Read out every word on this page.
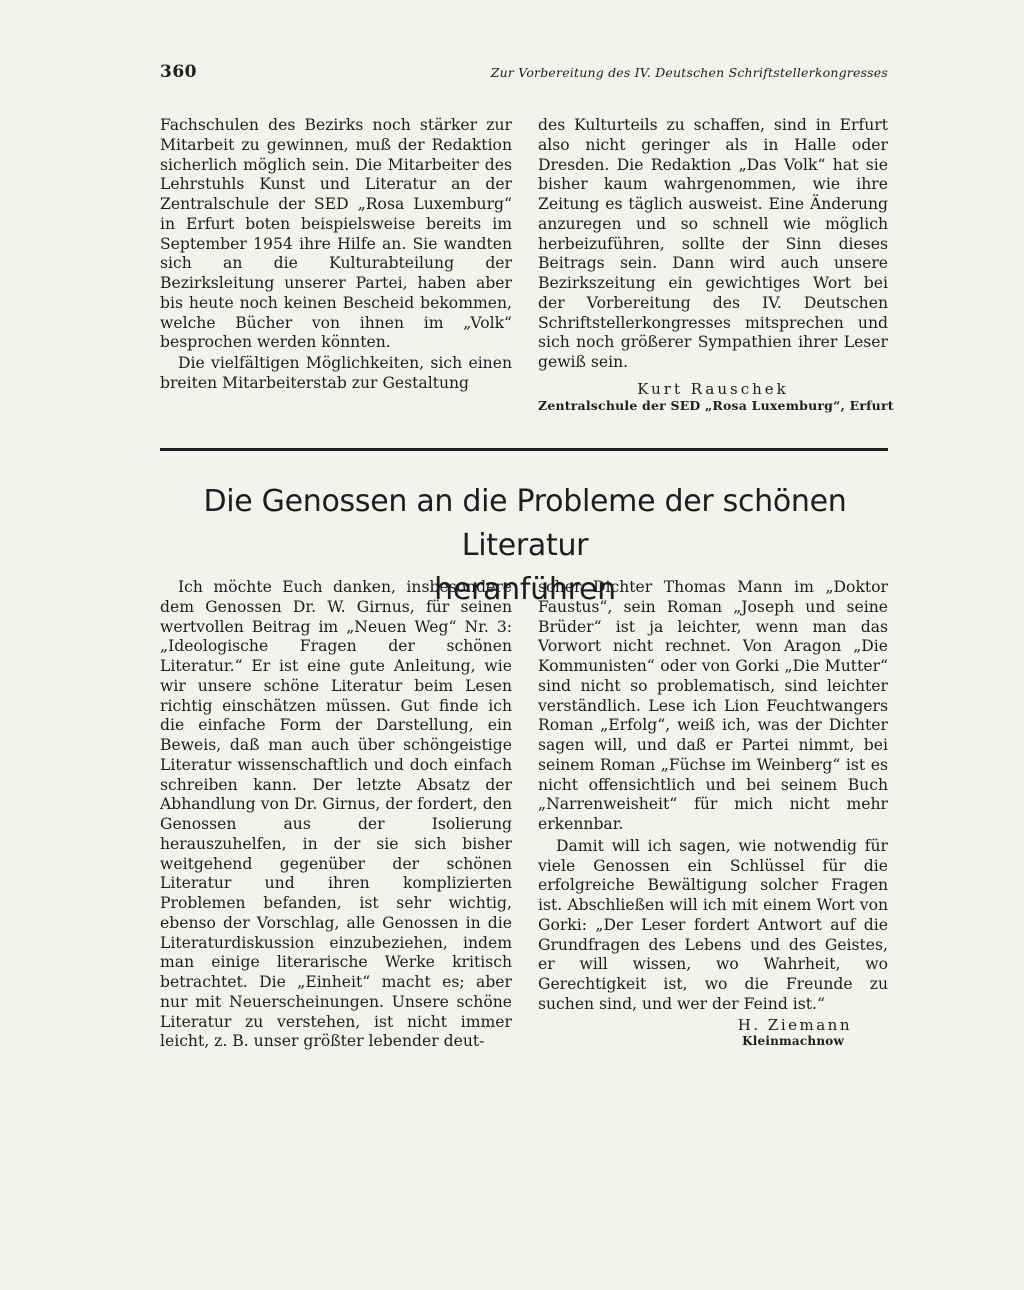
360	Zur Vorbereitung des IV. Deutschen Schriftstellerkongresses

Fachschulen des Bezirks noch stärker zur Mitarbeit zu gewinnen, muß der Redaktion sicherlich möglich sein. Die Mitarbeiter des Lehrstuhls Kunst und Literatur an der Zentralschule der SED „Rosa Luxemburg“ in Erfurt boten beispielsweise bereits im September 1954 ihre Hilfe an. Sie wandten sich an die Kulturabteilung der Bezirksleitung unserer Partei, haben aber bis heute noch keinen Bescheid bekommen, welche Bücher von ihnen im „Volk“ besprochen werden könnten.

Die vielfältigen Möglichkeiten, sich einen breiten Mitarbeiterstab zur Gestaltung

des Kulturteils zu schaffen, sind in Erfurt also nicht geringer als in Halle oder Dresden. Die Redaktion „Das Volk“ hat sie bisher kaum wahrgenommen, wie ihre Zeitung es täglich ausweist. Eine Änderung anzuregen und so schnell wie möglich herbeizuführen, sollte der Sinn dieses Beitrags sein. Dann wird auch unsere Bezirkszeitung ein gewichtiges Wort bei der Vorbereitung des IV. Deutschen Schriftstellerkongresses mitsprechen und sich noch größerer Sympathien ihrer Leser gewiß sein.

Kurt Rauschek
Zentralschule der SED „Rosa Luxemburg“, Erfurt
Die Genossen an die Probleme der schönen Literatur
heranführen

Ich möchte Euch danken, insbesondere dem Genossen Dr. W. Girnus, für seinen wertvollen Beitrag im „Neuen Weg“ Nr. 3: „Ideologische Fragen der schönen Literatur.“ Er ist eine gute Anleitung, wie wir unsere schöne Literatur beim Lesen richtig einschätzen müssen. Gut finde ich die einfache Form der Darstellung, ein Beweis, daß man auch über schöngeistige Literatur wissenschaftlich und doch einfach schreiben kann. Der letzte Absatz der Abhandlung von Dr. Girnus, der fordert, den Genossen aus der Isolierung herauszuhelfen, in der sie sich bisher weitgehend gegenüber der schönen Literatur und ihren komplizierten Problemen befanden, ist sehr wichtig, ebenso der Vorschlag, alle Genossen in die Literaturdiskussion einzubeziehen, indem man einige literarische Werke kritisch betrachtet. Die „Einheit“ macht es; aber nur mit Neuerscheinungen. Unsere schöne Literatur zu verstehen, ist nicht immer leicht, z. B. unser größter lebender deut-

scher Dichter Thomas Mann im „Doktor Faustus“, sein Roman „Joseph und seine Brüder“ ist ja leichter, wenn man das Vorwort nicht rechnet. Von Aragon „Die Kommunisten“ oder von Gorki „Die Mutter“ sind nicht so problematisch, sind leichter verständlich. Lese ich Lion Feuchtwangers Roman „Erfolg“, weiß ich, was der Dichter sagen will, und daß er Partei nimmt, bei seinem Roman „Füchse im Weinberg“ ist es nicht offensichtlich und bei seinem Buch „Narrenweisheit“ für mich nicht mehr erkennbar.

Damit will ich sagen, wie notwendig für viele Genossen ein Schlüssel für die erfolgreiche Bewältigung solcher Fragen ist. Abschließen will ich mit einem Wort von Gorki: „Der Leser fordert Antwort auf die Grundfragen des Lebens und des Geistes, er will wissen, wo Wahrheit, wo Gerechtigkeit ist, wo die Freunde zu suchen sind, und wer der Feind ist.“

H. Ziemann
Kleinmachnow
